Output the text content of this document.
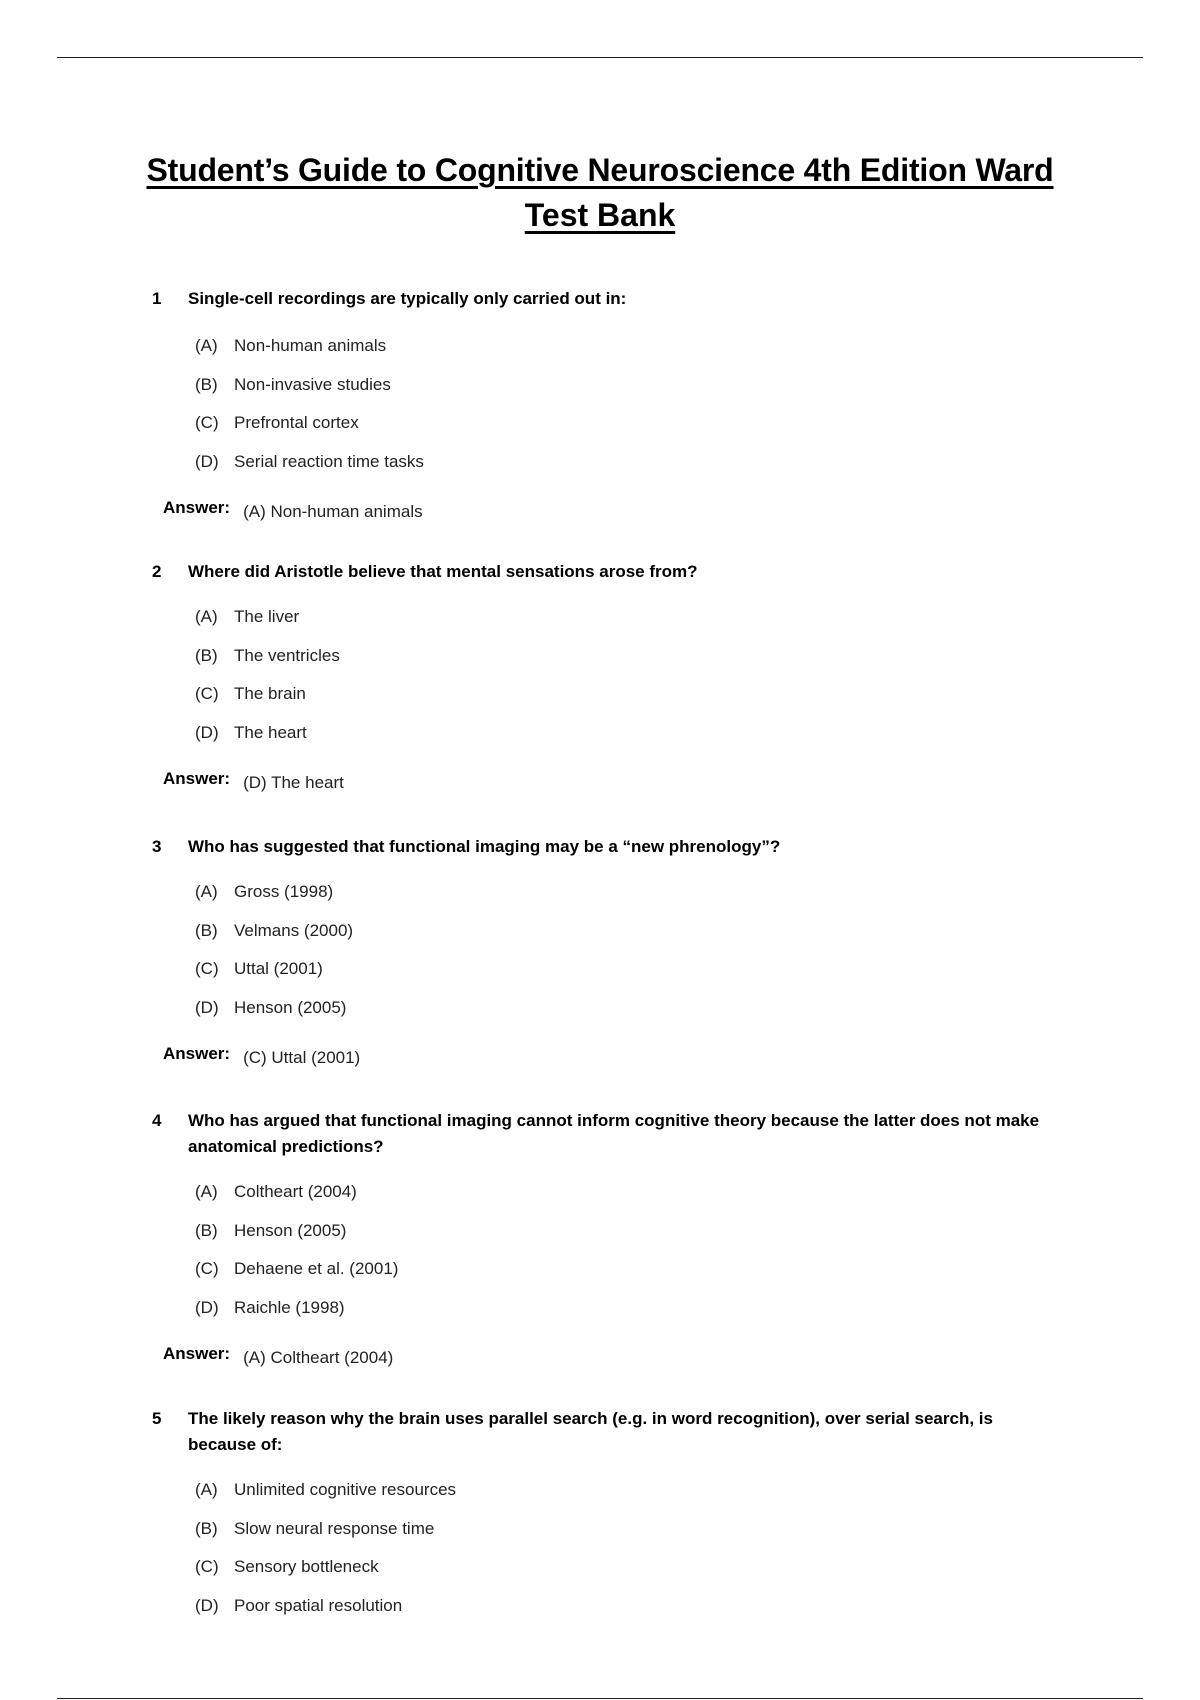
Student’s Guide to Cognitive Neuroscience 4th Edition Ward
Test Bank
1	Single-cell recordings are typically only carried out in:
(A) Non-human animals
(B) Non-invasive studies
(C) Prefrontal cortex
(D) Serial reaction time tasks
Answer: (A) Non-human animals
2	Where did Aristotle believe that mental sensations arose from?
(A) The liver
(B) The ventricles
(C) The brain
(D) The heart
Answer: (D) The heart
3	Who has suggested that functional imaging may be a “new phrenology”?
(A) Gross (1998)
(B) Velmans (2000)
(C) Uttal (2001)
(D) Henson (2005)
Answer: (C) Uttal (2001)
4	Who has argued that functional imaging cannot inform cognitive theory because the latter does not make anatomical predictions?
(A) Coltheart (2004)
(B) Henson (2005)
(C) Dehaene et al. (2001)
(D) Raichle (1998)
Answer: (A) Coltheart (2004)
5	The likely reason why the brain uses parallel search (e.g. in word recognition), over serial search, is because of:
(A) Unlimited cognitive resources
(B) Slow neural response time
(C) Sensory bottleneck
(D) Poor spatial resolution
